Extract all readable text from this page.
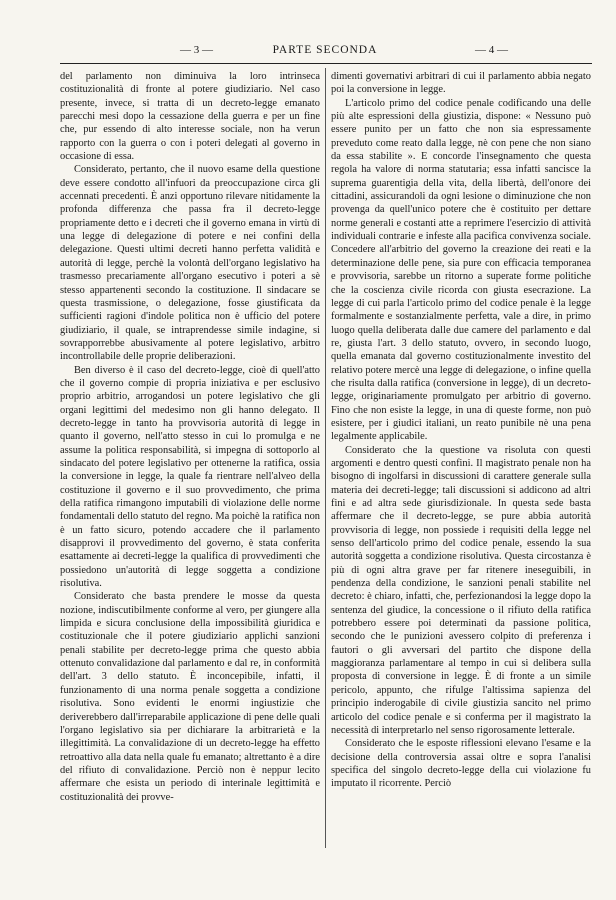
— 3 —	PARTE SECONDA	— 4 —

del parlamento non diminuiva la loro intrinseca costituzionalità di fronte al potere giudiziario. Nel caso presente, invece, si tratta di un decreto-legge emanato parecchi mesi dopo la cessazione della guerra e per un fine che, pur essendo di alto interesse sociale, non ha verun rapporto con la guerra o con i poteri delegati al governo in occasione di essa.

Considerato, pertanto, che il nuovo esame della questione deve essere condotto all'infuori da preoccupazione circa gli accennati precedenti. È anzi opportuno rilevare nitidamente la profonda differenza che passa fra il decreto-legge propriamente detto e i decreti che il governo emana in virtù di una legge di delegazione di potere e nei confini della delegazione. Questi ultimi decreti hanno perfetta validità e autorità di legge, perchè la volontà dell'organo legislativo ha trasmesso precariamente all'organo esecutivo i poteri a sè stesso appartenenti secondo la costituzione. Il sindacare se questa trasmissione, o delegazione, fosse giustificata da sufficienti ragioni d'indole politica non è ufficio del potere giudiziario, il quale, se intraprendesse simile indagine, si sovrapporrebbe abusivamente al potere legislativo, arbitro incontrollabile delle proprie deliberazioni.

Ben diverso è il caso del decreto-legge, cioè di quell'atto che il governo compie di propria iniziativa e per esclusivo proprio arbitrio, arrogandosi un potere legislativo che gli organi legittimi del medesimo non gli hanno delegato. Il decreto-legge in tanto ha provvisoria autorità di legge in quanto il governo, nell'atto stesso in cui lo promulga e ne assume la politica responsabilità, si impegna di sottoporlo al sindacato del potere legislativo per ottenerne la ratifica, ossia la conversione in legge, la quale fa rientrare nell'alveo della costituzione il governo e il suo provvedimento, che prima della ratifica rimangono imputabili di violazione delle norme fondamentali dello statuto del regno. Ma poichè la ratifica non è un fatto sicuro, potendo accadere che il parlamento disapprovi il provvedimento del governo, è stata conferita esattamente ai decreti-legge la qualifica di provvedimenti che possiedono un'autorità di legge soggetta a condizione risolutiva.

Considerato che basta prendere le mosse da questa nozione, indiscutibilmente conforme al vero, per giungere alla limpida e sicura conclusione della impossibilità giuridica e costituzionale che il potere giudiziario applichi sanzioni penali stabilite per decreto-legge prima che questo abbia ottenuto convalidazione dal parlamento e dal re, in conformità dell'art. 3 dello statuto. È inconcepibile, infatti, il funzionamento di una norma penale soggetta a condizione risolutiva. Sono evidenti le enormi ingiustizie che deriverebbero dall'irreparabile applicazione di pene delle quali l'organo legislativo sia per dichiarare la arbitrarietà e la illegittimità. La convalidazione di un decreto-legge ha effetto retroattivo alla data nella quale fu emanato; altrettanto è a dire del rifiuto di convalidazione. Perciò non è neppur lecito affermare che esista un periodo di interinale legittimità e costituzionalità dei provve-

dimenti governativi arbitrari di cui il parlamento abbia negato poi la conversione in legge.

L'articolo primo del codice penale codificando una delle più alte espressioni della giustizia, dispone: « Nessuno può essere punito per un fatto che non sia espressamente preveduto come reato dalla legge, nè con pene che non siano da essa stabilite ». E concorde l'insegnamento che questa regola ha valore di norma statutaria; essa infatti sancisce la suprema guarentigia della vita, della libertà, dell'onore dei cittadini, assicurandoli da ogni lesione o diminuzione che non provenga da quell'unico potere che è costituito per dettare norme generali e costanti atte a reprimere l'esercizio di attività individuali contrarie e infeste alla pacifica convivenza sociale. Concedere all'arbitrio del governo la creazione dei reati e la determinazione delle pene, sia pure con efficacia temporanea e provvisoria, sarebbe un ritorno a superate forme politiche che la coscienza civile ricorda con giusta esecrazione. La legge di cui parla l'articolo primo del codice penale è la legge formalmente e sostanzialmente perfetta, vale a dire, in primo luogo quella deliberata dalle due camere del parlamento e dal re, giusta l'art. 3 dello statuto, ovvero, in secondo luogo, quella emanata dal governo costituzionalmente investito del relativo potere mercè una legge di delegazione, o infine quella che risulta dalla ratifica (conversione in legge), di un decreto-legge, originariamente promulgato per arbitrio di governo. Fino che non esiste la legge, in una di queste forme, non può esistere, per i giudici italiani, un reato punibile nè una pena legalmente applicabile.

Considerato che la questione va risoluta con questi argomenti e dentro questi confini. Il magistrato penale non ha bisogno di ingolfarsi in discussioni di carattere generale sulla materia dei decreti-legge; tali discussioni si addicono ad altri fini e ad altra sede giurisdizionale. In questa sede basta affermare che il decreto-legge, se pure abbia autorità provvisoria di legge, non possiede i requisiti della legge nel senso dell'articolo primo del codice penale, essendo la sua autorità soggetta a condizione risolutiva. Questa circostanza è più di ogni altra grave per far ritenere ineseguibili, in pendenza della condizione, le sanzioni penali stabilite nel decreto: è chiaro, infatti, che, perfezionandosi la legge dopo la sentenza del giudice, la concessione o il rifiuto della ratifica potrebbero essere poi determinati da passione politica, secondo che le punizioni avessero colpito di preferenza i fautori o gli avversari del partito che dispone della maggioranza parlamentare al tempo in cui si delibera sulla proposta di conversione in legge. È di fronte a un simile pericolo, appunto, che rifulge l'altissima sapienza del principio inderogabile di civile giustizia sancito nel primo articolo del codice penale e si conferma per il magistrato la necessità di interpretarlo nel senso rigorosamente letterale.

Considerato che le esposte riflessioni elevano l'esame e la decisione della controversia assai oltre e sopra l'analisi specifica del singolo decreto-legge della cui violazione fu imputato il ricorrente. Perciò
